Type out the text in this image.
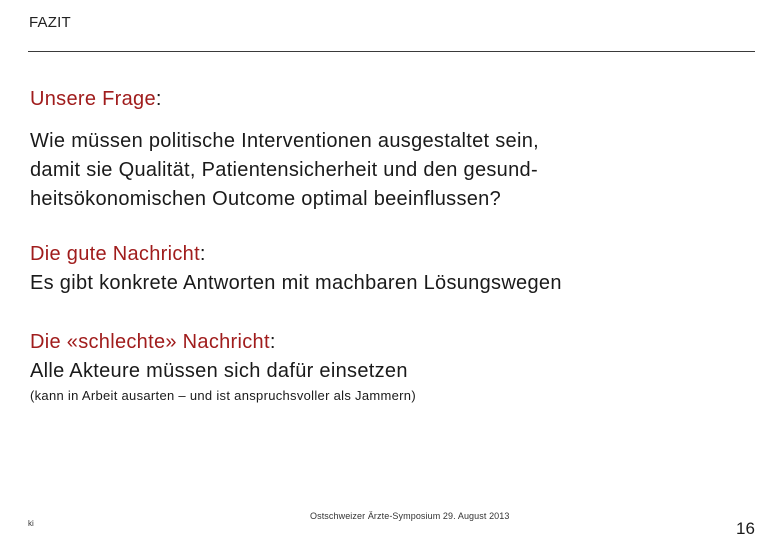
FAZIT
Unsere Frage:
Wie müssen politische Interventionen ausgestaltet sein,
damit sie Qualität, Patientensicherheit und den gesund-
heitsökonomischen Outcome optimal beeinflussen?
Die gute Nachricht:
Es gibt konkrete Antworten mit machbaren Lösungswegen
Die «schlechte» Nachricht:
Alle Akteure müssen sich dafür einsetzen
(kann in Arbeit ausarten – und ist anspruchsvoller als Jammern)
ki
Ostschweizer Ärzte-Symposium 29. August 2013
16
